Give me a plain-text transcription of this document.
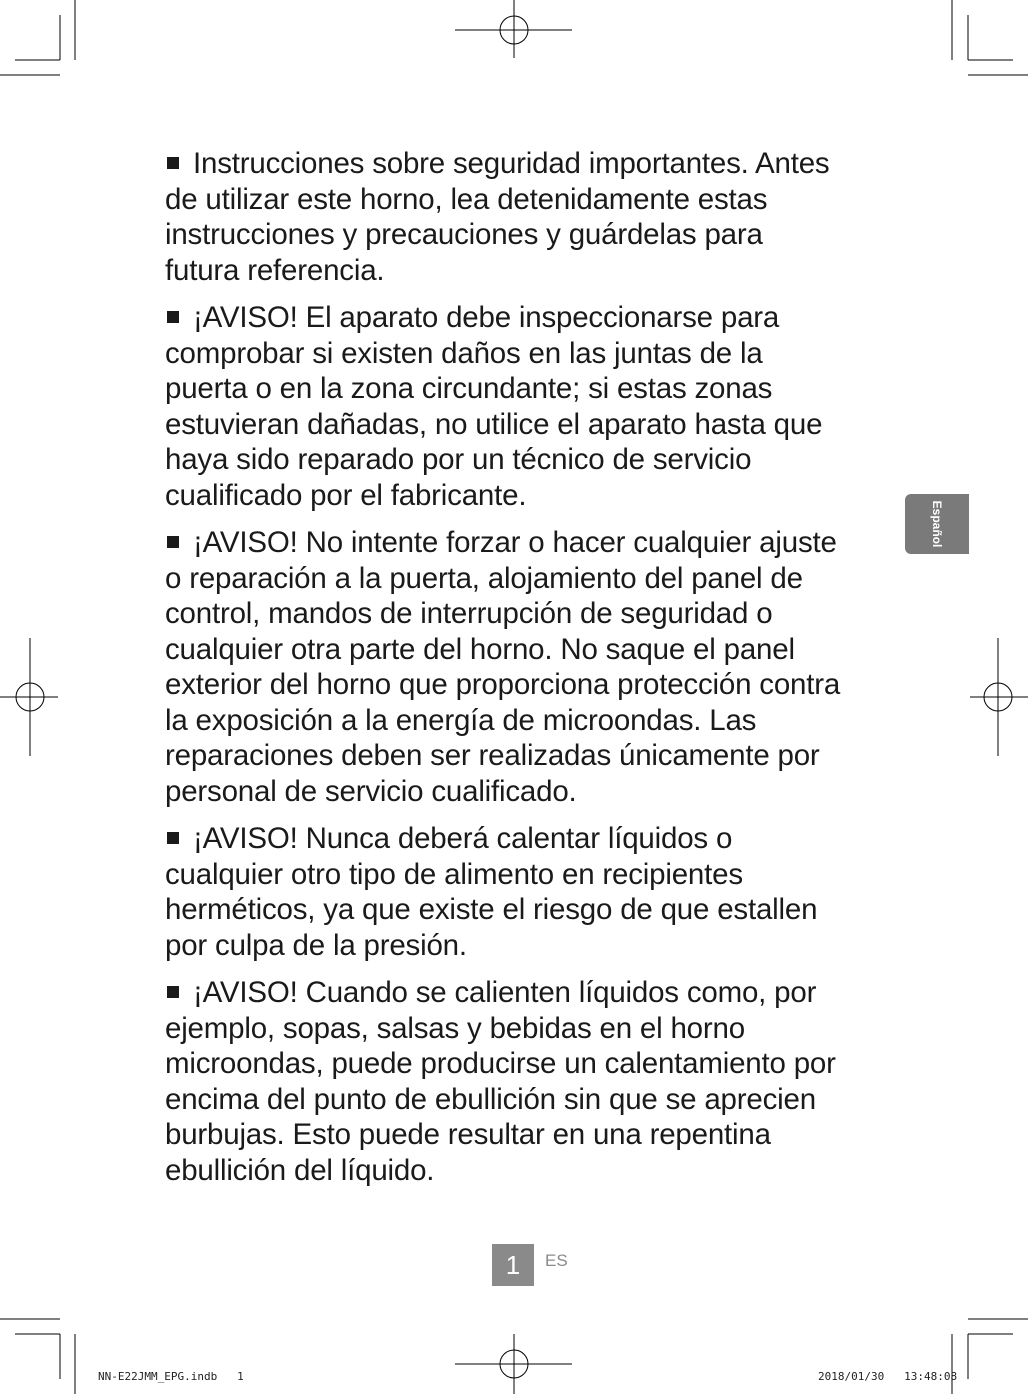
Instrucciones sobre seguridad importantes. Antes
de utilizar este horno, lea detenidamente estas
instrucciones y precauciones y guárdelas para
futura referencia.

¡AVISO! El aparato debe inspeccionarse para
comprobar si existen daños en las juntas de la
puerta o en la zona circundante; si estas zonas
estuvieran dañadas, no utilice el aparato hasta que
haya sido reparado por un técnico de servicio
cualificado por el fabricante.

¡AVISO! No intente forzar o hacer cualquier ajuste
o reparación a la puerta, alojamiento del panel de
control, mandos de interrupción de seguridad o
cualquier otra parte del horno. No saque el panel
exterior del horno que proporciona protección contra
la exposición a la energía de microondas. Las
reparaciones deben ser realizadas únicamente por
personal de servicio cualificado.

¡AVISO! Nunca deberá calentar líquidos o
cualquier otro tipo de alimento en recipientes
herméticos, ya que existe el riesgo de que estallen
por culpa de la presión.

¡AVISO! Cuando se calienten líquidos como, por
ejemplo, sopas, salsas y bebidas en el horno
microondas, puede producirse un calentamiento por
encima del punto de ebullición sin que se aprecien
burbujas. Esto puede resultar en una repentina
ebullición del líquido.

Español
1	ES
NN-E22JMM_EPG.indb   1	2018/01/30   13:48:08
